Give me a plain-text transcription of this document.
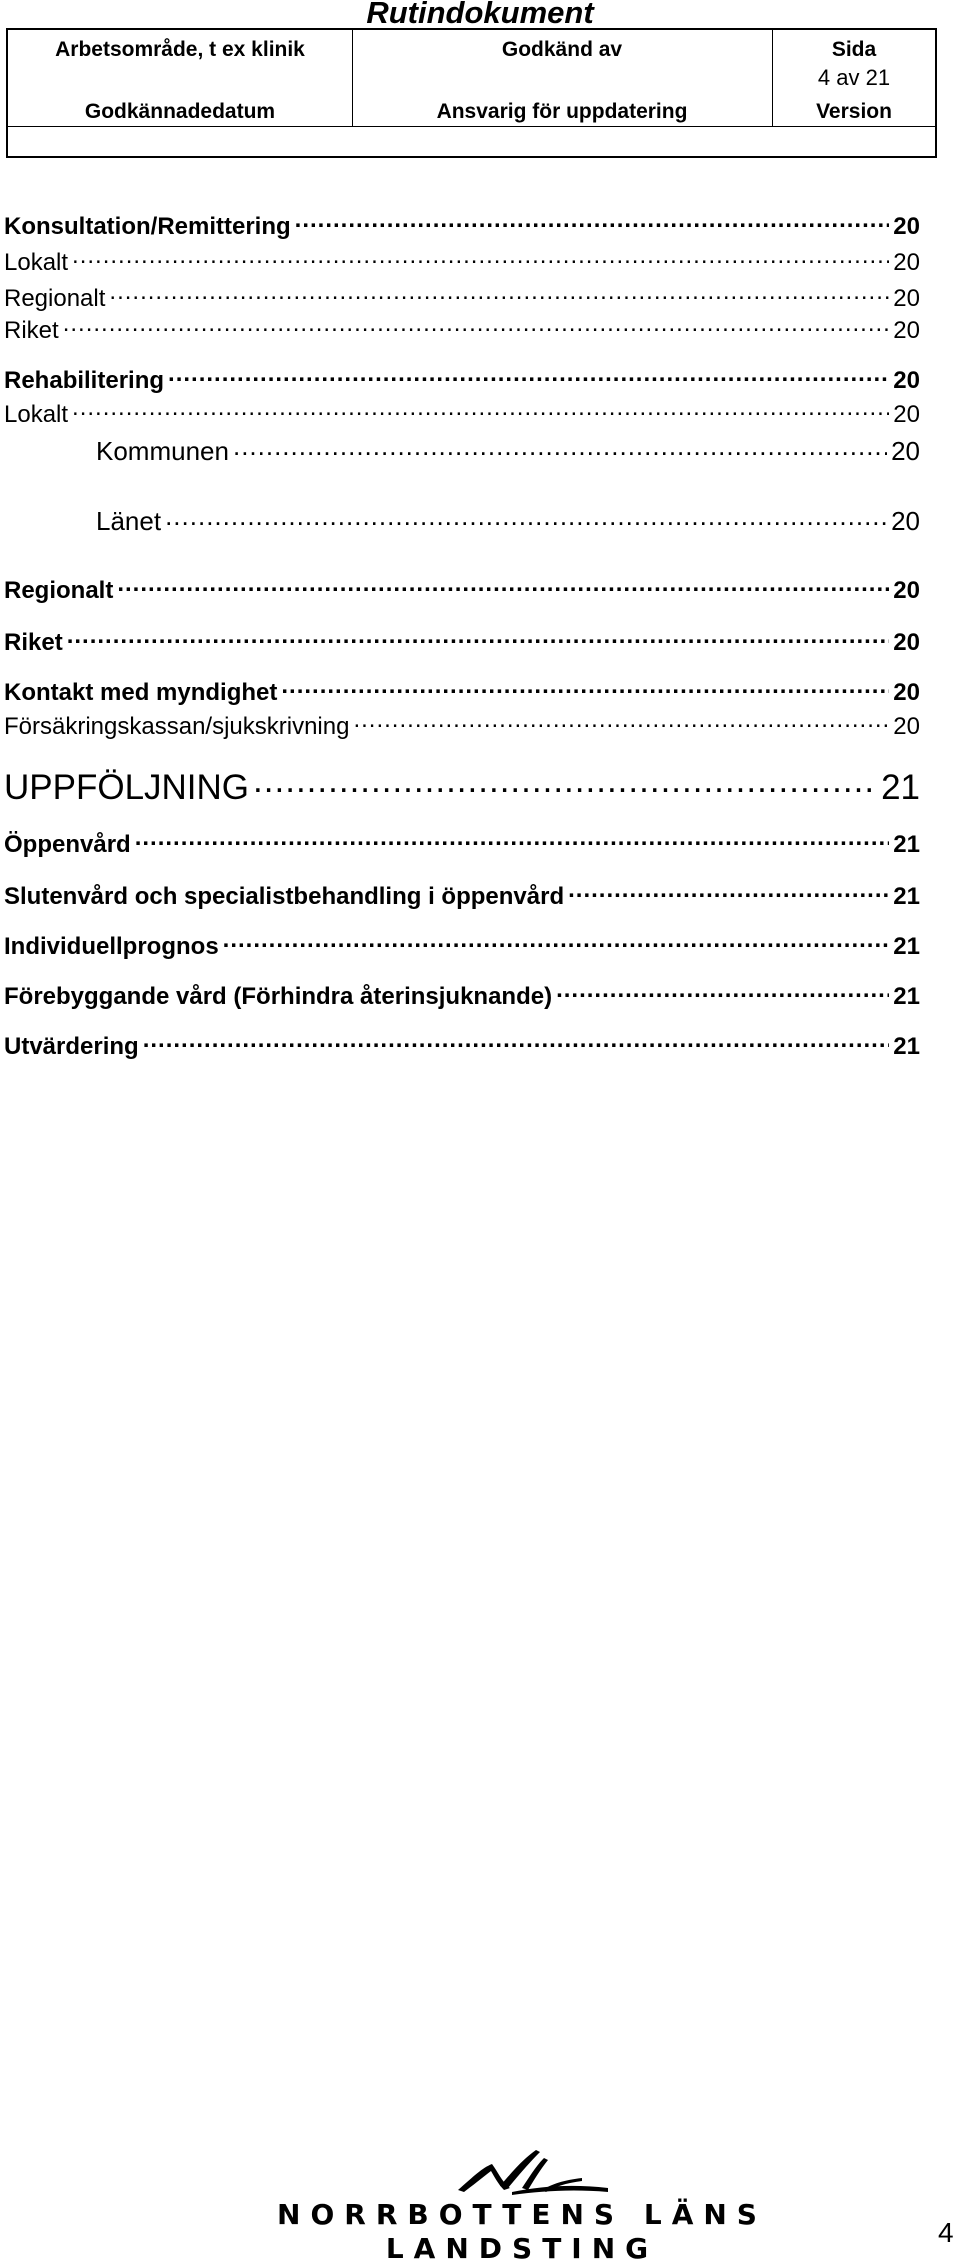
Rutindokument
Arbetsområde, t ex klinik	Godkänd av	Sida
4 av 21
Godkännadedatum	Ansvarig för uppdatering	Version
Konsultation/Remittering .....	20
Lokalt .....	20
Regionalt .....	20
Riket .....	20
Rehabilitering .....	20
Lokalt .....	20
Kommunen .....	20
Länet .....	20
Regionalt .....	20
Riket .....	20
Kontakt med myndighet .....	20
Försäkringskassan/sjukskrivning .....	20
UPPFÖLJNING .....	21
Öppenvård .....	21
Slutenvård och specialistbehandling i öppenvård .....	21
Individuellprognos .....	21
Förebyggande vård (Förhindra återinsjuknande) .....	21
Utvärdering .....	21
NORRBOTTENS LÄNS LANDSTING	4
